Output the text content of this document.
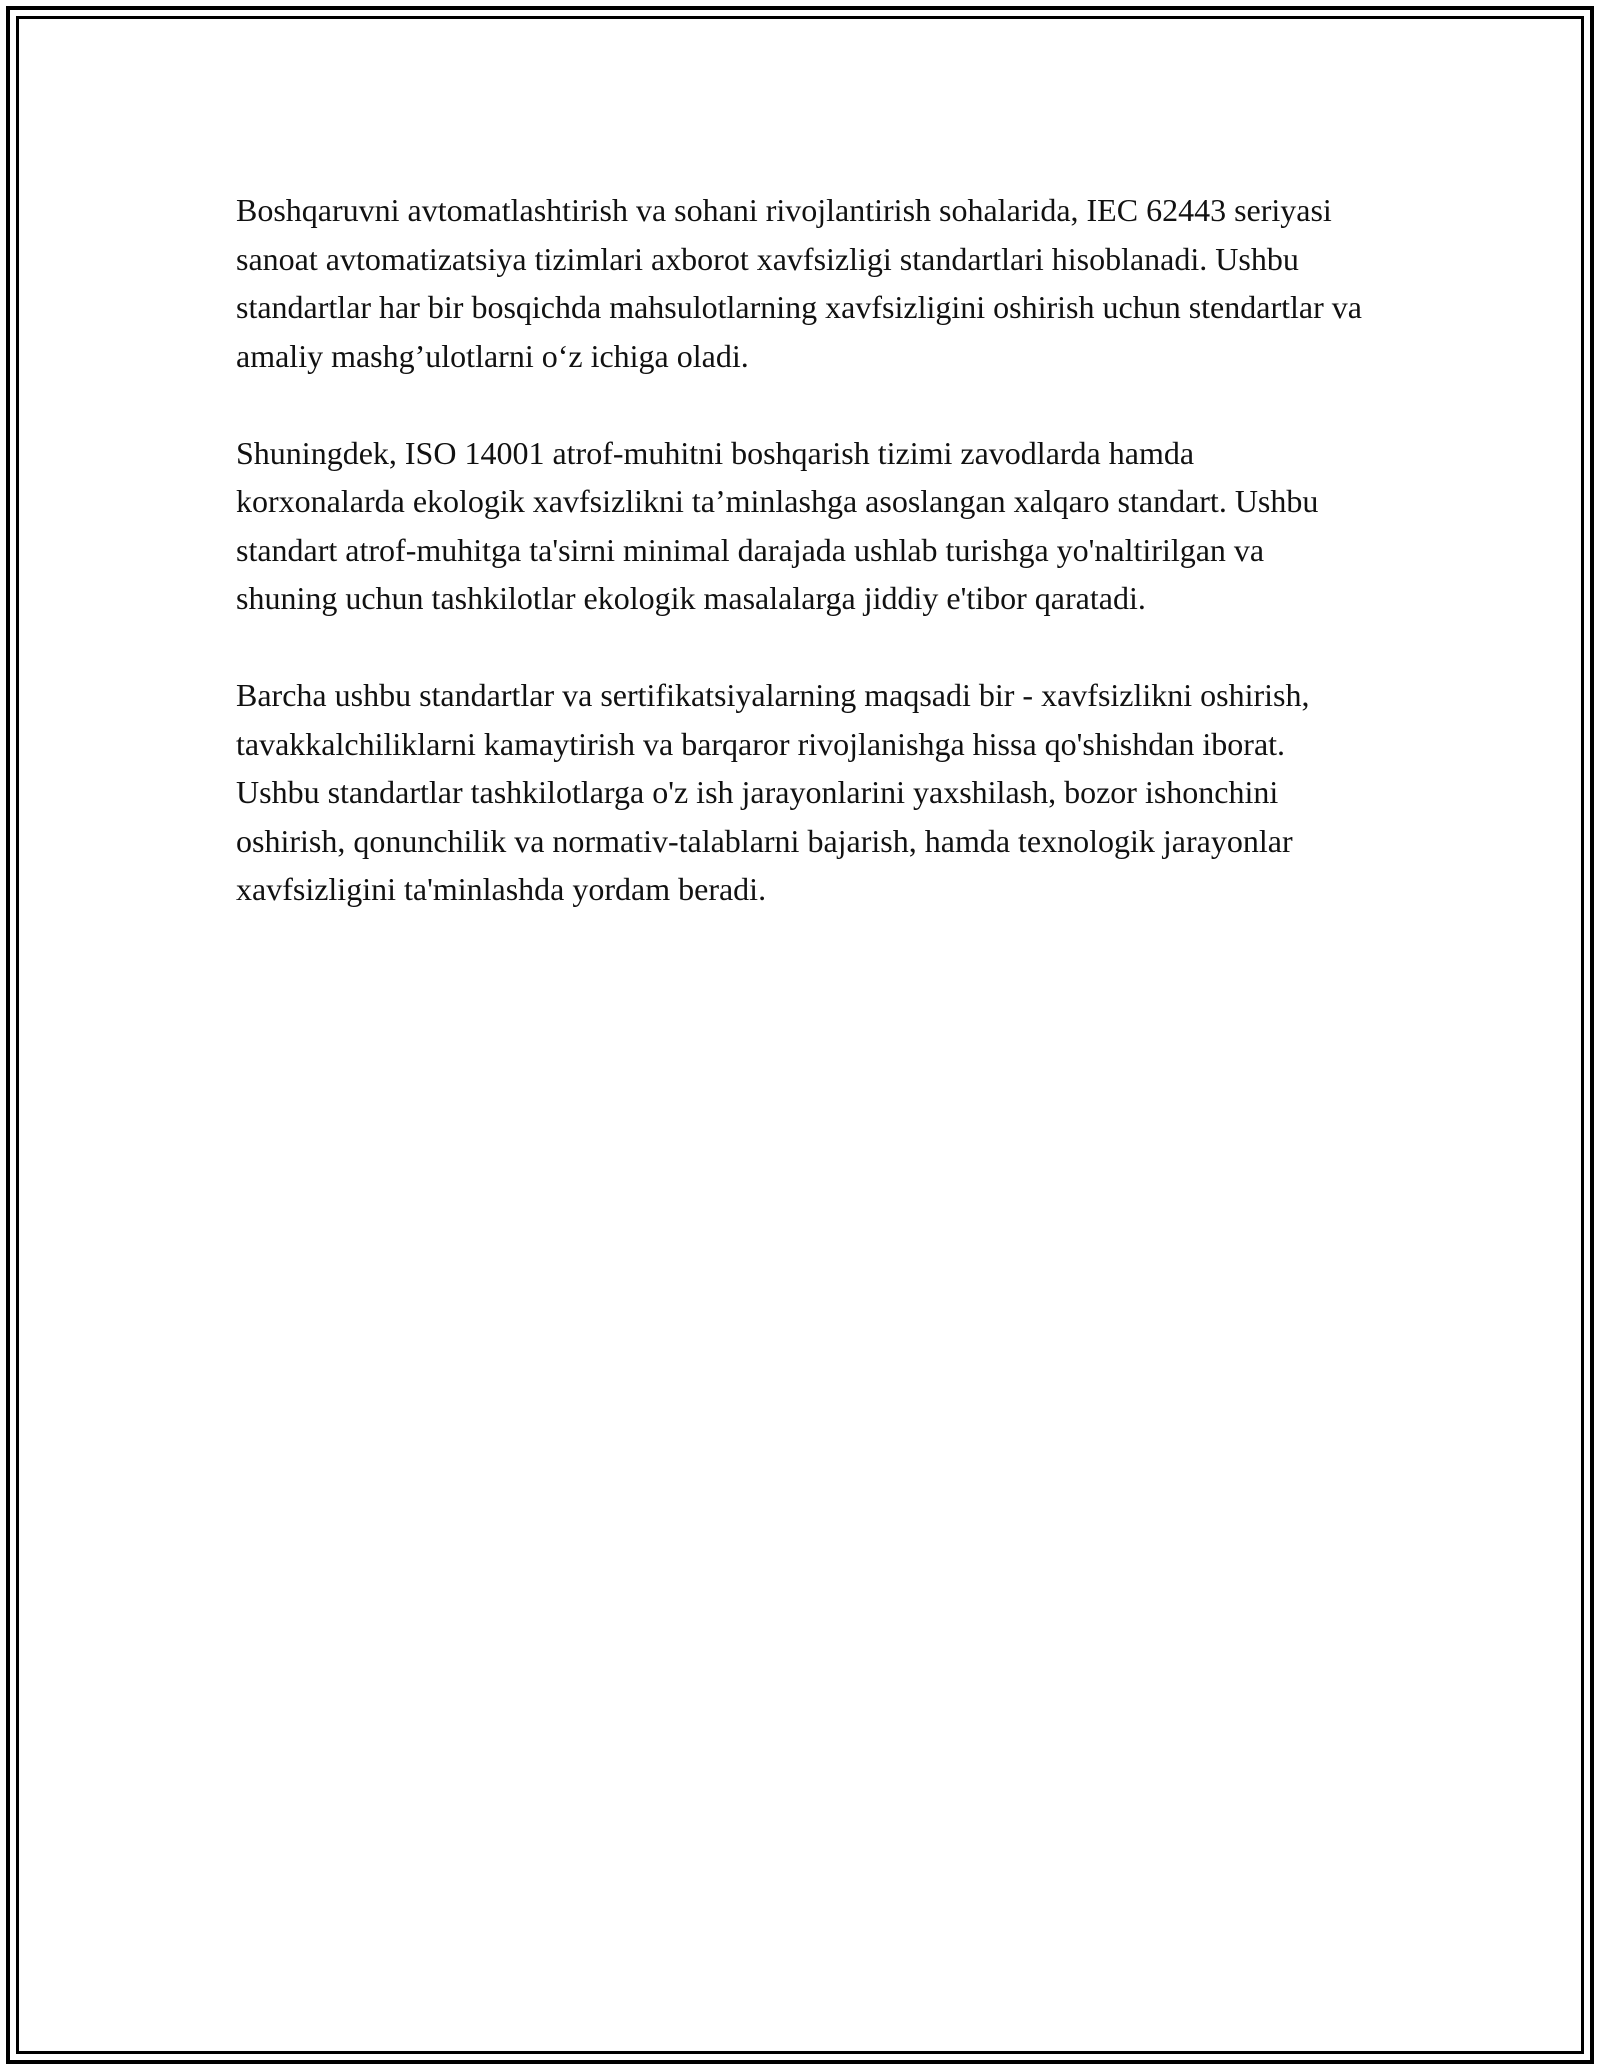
Boshqaruvni avtomatlashtirish va sohani rivojlantirish sohalarida, IEC 62443 seriyasi sanoat avtomatizatsiya tizimlari axborot xavfsizligi standartlari hisoblanadi. Ushbu standartlar har bir bosqichda mahsulotlarning xavfsizligini oshirish uchun stendartlar va amaliy mashg’ulotlarni o‘z ichiga oladi.

Shuningdek, ISO 14001 atrof-muhitni boshqarish tizimi zavodlarda hamda korxonalarda ekologik xavfsizlikni ta’minlashga asoslangan xalqaro standart. Ushbu standart atrof-muhitga ta'sirni minimal darajada ushlab turishga yo'naltirilgan va shuning uchun tashkilotlar ekologik masalalarga jiddiy e'tibor qaratadi.

Barcha ushbu standartlar va sertifikatsiyalarning maqsadi bir - xavfsizlikni oshirish, tavakkalchiliklarni kamaytirish va barqaror rivojlanishga hissa qo'shishdan iborat. Ushbu standartlar tashkilotlarga o'z ish jarayonlarini yaxshilash, bozor ishonchini oshirish, qonunchilik va normativ-talablarni bajarish, hamda texnologik jarayonlar xavfsizligini ta'minlashda yordam beradi.
